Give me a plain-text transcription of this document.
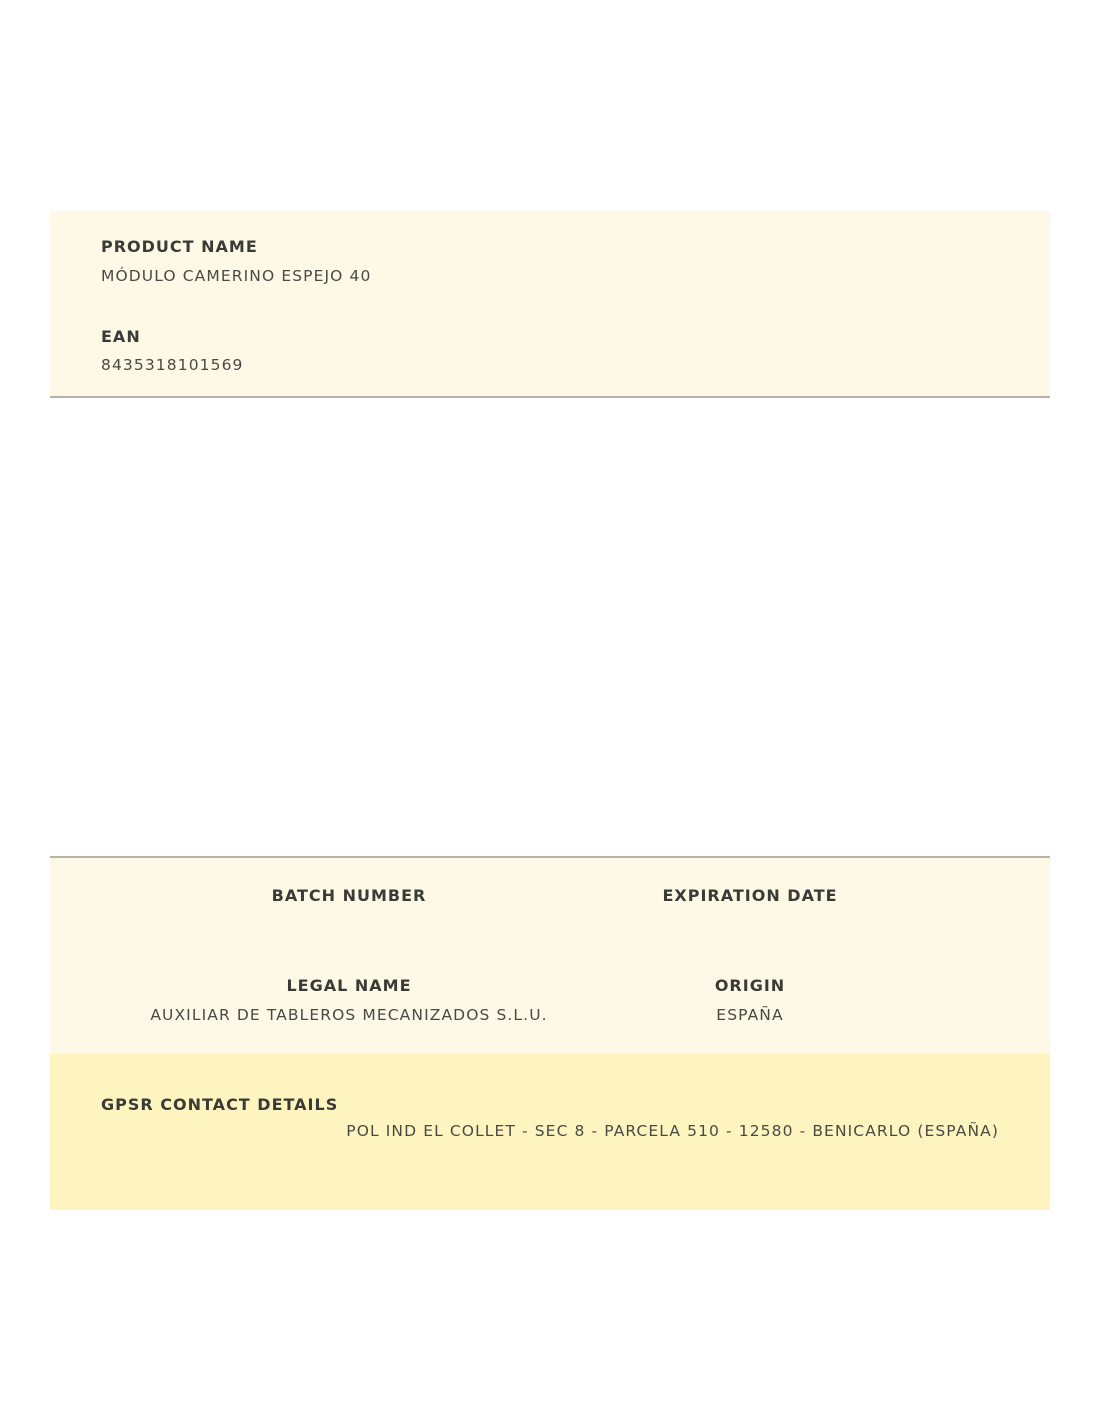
PRODUCT NAME
MÓDULO CAMERINO ESPEJO 40
EAN
8435318101569
BATCH NUMBER	EXPIRATION DATE
LEGAL NAME
AUXILIAR DE TABLEROS MECANIZADOS S.L.U.
ORIGIN
ESPAÑA
GPSR CONTACT DETAILS
POL IND EL COLLET - SEC 8 - PARCELA 510 - 12580 - BENICARLO (ESPAÑA)
